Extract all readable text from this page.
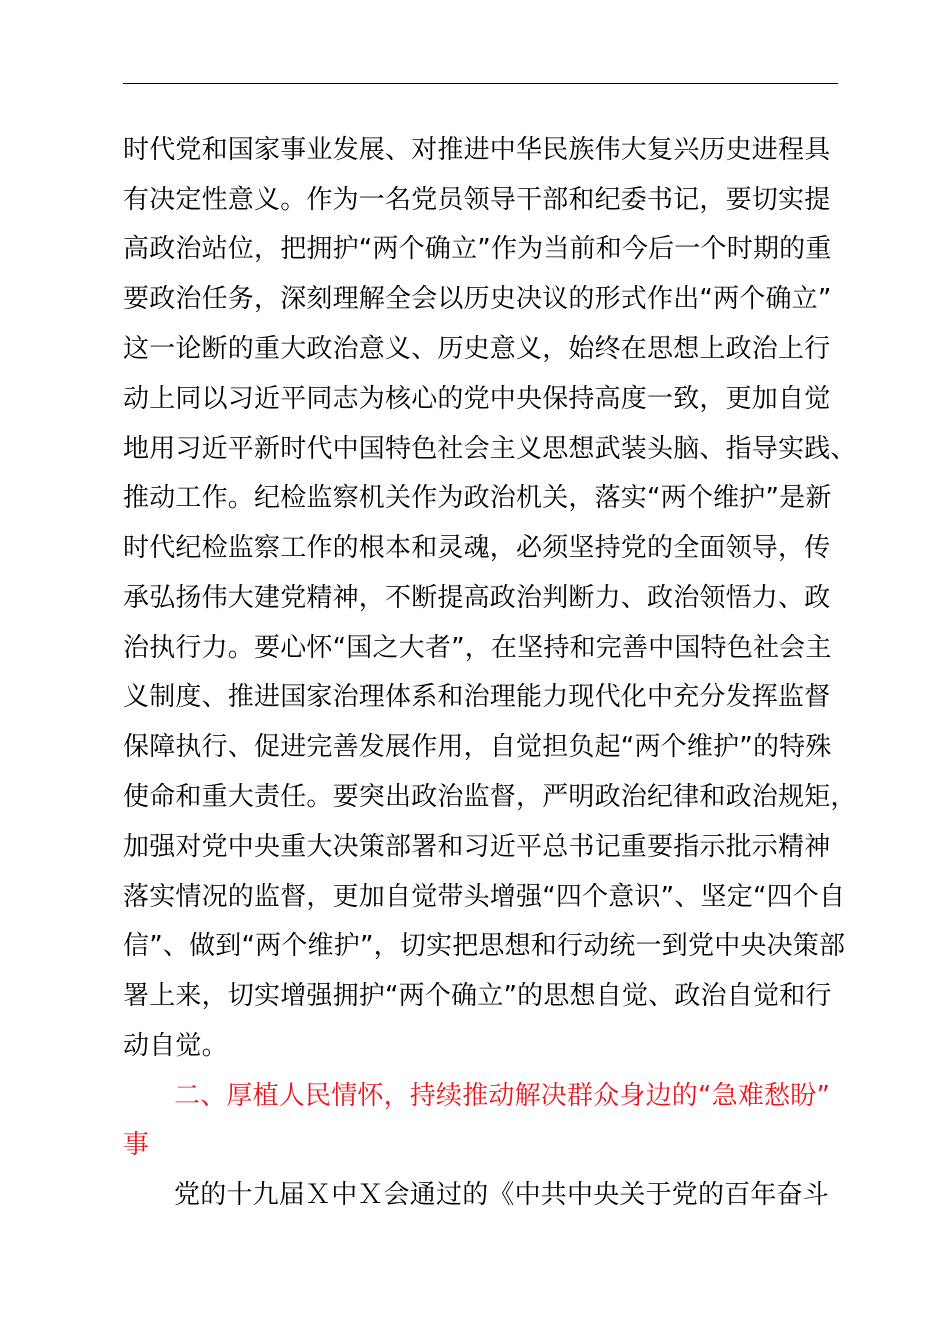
时代党和国家事业发展、对推进中华民族伟大复兴历史进程具
有决定性意义。作为一名党员领导干部和纪委书记，要切实提
高政治站位，把拥护“两个确立”作为当前和今后一个时期的重
要政治任务，深刻理解全会以历史决议的形式作出“两个确立”
这一论断的重大政治意义、历史意义，始终在思想上政治上行
动上同以习近平同志为核心的党中央保持高度一致，更加自觉
地用习近平新时代中国特色社会主义思想武装头脑、指导实践、
推动工作。纪检监察机关作为政治机关，落实“两个维护”是新
时代纪检监察工作的根本和灵魂，必须坚持党的全面领导，传
承弘扬伟大建党精神，不断提高政治判断力、政治领悟力、政
治执行力。要心怀“国之大者”，在坚持和完善中国特色社会主
义制度、推进国家治理体系和治理能力现代化中充分发挥监督
保障执行、促进完善发展作用，自觉担负起“两个维护”的特殊
使命和重大责任。要突出政治监督，严明政治纪律和政治规矩，
加强对党中央重大决策部署和习近平总书记重要指示批示精神
落实情况的监督，更加自觉带头增强“四个意识”、坚定“四个自
信”、做到“两个维护”，切实把思想和行动统一到党中央决策部
署上来，切实增强拥护“两个确立”的思想自觉、政治自觉和行
动自觉。
二、厚植人民情怀，持续推动解决群众身边的“急难愁盼”
事
党的十九届Ｘ中Ｘ会通过的《中共中央关于党的百年奋斗
